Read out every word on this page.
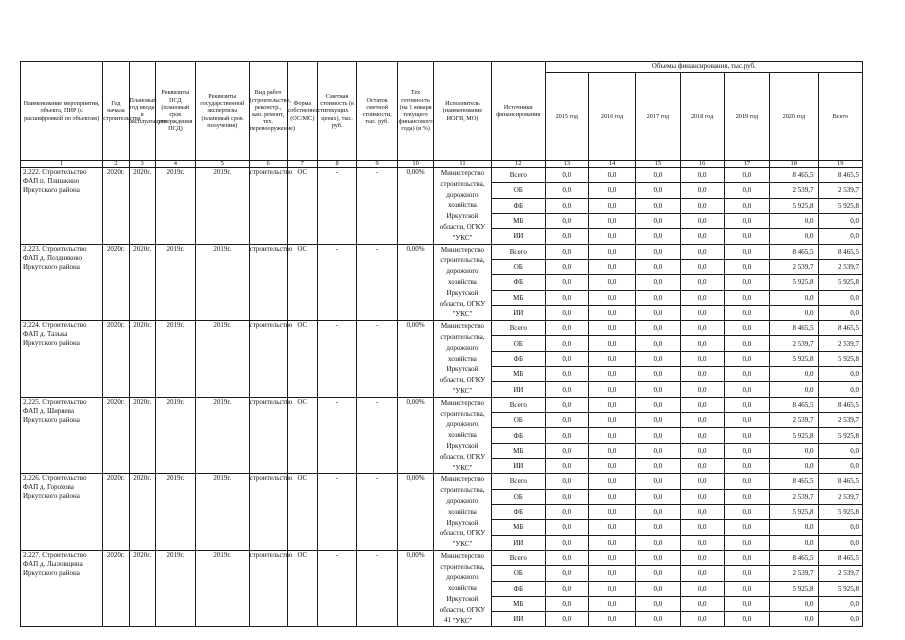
Наименование мероприятия, объекта, ПИР (с расшифровкой по объектам)	Год начала строительства	Плановый год ввода в эксплуатацию	Реквизиты ПСД (плановый срок утверждения ПСД)	Реквизиты государственной экспертизы (плановый срок получения)	Вид работ (строительство, реконстр., кап. ремонт, тех. перевооружение)	Форма собственности (ОС/МС)	Сметная стоимость (в текущих ценах), тыс. руб.	Остаток сметной стоимости, тыс. руб.	Тех готовность (на 1 января текущего финансового года) (в %)	Исполнитель (наименование ИОГВ, МО)	Источники финансирования	Объемы финансирования, тыс.руб.						
												2015 год	2016 год	2017 год	2018 год	2019 год	2020 год	Всего
1	2	3	4	5	6	7	8	9	10	11	12	13	14	15	16	17	18	19
2.222. Строительство ФАП п. Плишкино Иркутского района	2020г.	2020г.	2019г.	2019г.	строительство	ОС	-	-	0,00%	Министерство строительства, дорожного хозяйства Иркутской области, ОГКУ "УКС"	Всего	0,0	0,0	0,0	0,0	0,0	8 465,5	8 465,5
											ОБ	0,0	0,0	0,0	0,0	0,0	2 539,7	2 539,7
											ФБ	0,0	0,0	0,0	0,0	0,0	5 925,8	5 925,8
											МБ	0,0	0,0	0,0	0,0	0,0	0,0	0,0
											ИИ	0,0	0,0	0,0	0,0	0,0	0,0	0,0
2.223. Строительство ФАП д. Поздняково Иркутского района	2020г.	2020г.	2019г.	2019г.	строительство	ОС	-	-	0,00%	Министерство строительства, дорожного хозяйства Иркутской области, ОГКУ "УКС"	Всего	0,0	0,0	0,0	0,0	0,0	8 465,5	8 465,5
											ОБ	0,0	0,0	0,0	0,0	0,0	2 539,7	2 539,7
											ФБ	0,0	0,0	0,0	0,0	0,0	5 925,8	5 925,8
											МБ	0,0	0,0	0,0	0,0	0,0	0,0	0,0
											ИИ	0,0	0,0	0,0	0,0	0,0	0,0	0,0
2.224. Строительство ФАП д. Талька Иркутского района	2020г.	2020г.	2019г.	2019г.	строительство	ОС	-	-	0,00%	Министерство строительства, дорожного хозяйства Иркутской области, ОГКУ "УКС"	Всего	0,0	0,0	0,0	0,0	0,0	8 465,5	8 465,5
											ОБ	0,0	0,0	0,0	0,0	0,0	2 539,7	2 539,7
											ФБ	0,0	0,0	0,0	0,0	0,0	5 925,8	5 925,8
											МБ	0,0	0,0	0,0	0,0	0,0	0,0	0,0
											ИИ	0,0	0,0	0,0	0,0	0,0	0,0	0,0
2.225. Строительство ФАП д. Ширяева Иркутского района	2020г.	2020г.	2019г.	2019г.	строительство	ОС	-	-	0,00%	Министерство строительства, дорожного хозяйства Иркутской области, ОГКУ "УКС"	Всего	0,0	0,0	0,0	0,0	0,0	8 465,5	8 465,5
											ОБ	0,0	0,0	0,0	0,0	0,0	2 539,7	2 539,7
											ФБ	0,0	0,0	0,0	0,0	0,0	5 925,8	5 925,8
											МБ	0,0	0,0	0,0	0,0	0,0	0,0	0,0
											ИИ	0,0	0,0	0,0	0,0	0,0	0,0	0,0
2.226. Строительство ФАП д. Горохова Иркутского района	2020г.	2020г.	2019г.	2019г.	строительство	ОС	-	-	0,00%	Министерство строительства, дорожного хозяйства Иркутской области, ОГКУ "УКС"	Всего	0,0	0,0	0,0	0,0	0,0	8 465,5	8 465,5
											ОБ	0,0	0,0	0,0	0,0	0,0	2 539,7	2 539,7
											ФБ	0,0	0,0	0,0	0,0	0,0	5 925,8	5 925,8
											МБ	0,0	0,0	0,0	0,0	0,0	0,0	0,0
											ИИ	0,0	0,0	0,0	0,0	0,0	0,0	0,0
2.227. Строительство ФАП д. Лыловщина Иркутского района	2020г.	2020г.	2019г.	2019г.	строительство	ОС	-	-	0,00%	Министерство строительства, дорожного хозяйства Иркутской области, ОГКУ "УКС"	Всего	0,0	0,0	0,0	0,0	0,0	8 465,5	8 465,5
											ОБ	0,0	0,0	0,0	0,0	0,0	2 539,7	2 539,7
											ФБ	0,0	0,0	0,0	0,0	0,0	5 925,8	5 925,8
											МБ	0,0	0,0	0,0	0,0	0,0	0,0	0,0
											ИИ	0,0	0,0	0,0	0,0	0,0	0,0	0,0
41
